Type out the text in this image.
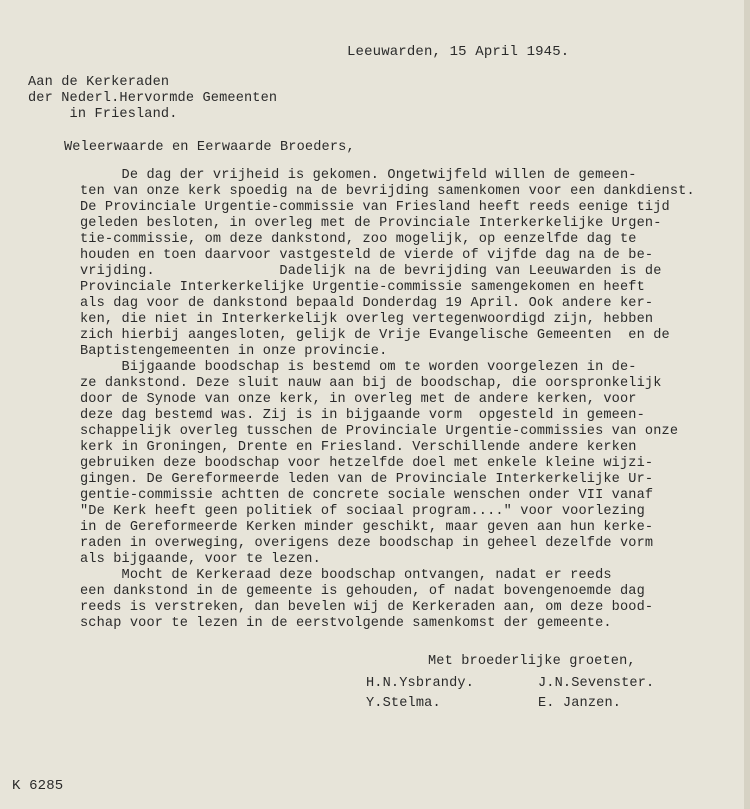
Leeuwarden, 15 April 1945.
Aan de Kerkeraden
der Nederl.Hervormde Gemeenten
in Friesland.
Weleerwaarde en Eerwaarde Broeders,
De dag der vrijheid is gekomen. Ongetwijfeld willen de gemeen-
ten van onze kerk spoedig na de bevrijding samenkomen voor een dankdienst.
De Provinciale Urgentie-commissie van Friesland heeft reeds eenige tijd
geleden besloten, in overleg met de Provinciale Interkerkelijke Urgen-
tie-commissie, om deze dankstond, zoo mogelijk, op eenzelfde dag te
houden en toen daarvoor vastgesteld de vierde of vijfde dag na de be-
vrijding.               Dadelijk na de bevrijding van Leeuwarden is de
Provinciale Interkerkelijke Urgentie-commissie samengekomen en heeft
als dag voor de dankstond bepaald Donderdag 19 April. Ook andere ker-
ken, die niet in Interkerkelijk overleg vertegenwoordigd zijn, hebben
zich hierbij aangesloten, gelijk de Vrije Evangelische Gemeenten  en de
Baptistengemeenten in onze provincie.
Bijgaande boodschap is bestemd om te worden voorgelezen in de-
ze dankstond. Deze sluit nauw aan bij de boodschap, die oorspronkelijk
door de Synode van onze kerk, in overleg met de andere kerken, voor
deze dag bestemd was. Zij is in bijgaande vorm  opgesteld in gemeen-
schappelijk overleg tusschen de Provinciale Urgentie-commissies van onze
kerk in Groningen, Drente en Friesland. Verschillende andere kerken
gebruiken deze boodschap voor hetzelfde doel met enkele kleine wijzi-
gingen. De Gereformeerde leden van de Provinciale Interkerkelijke Ur-
gentie-commissie achtten de concrete sociale wenschen onder VII vanaf
"De Kerk heeft geen politiek of sociaal program...." voor voorlezing
in de Gereformeerde Kerken minder geschikt, maar geven aan hun kerke-
raden in overweging, overigens deze boodschap in geheel dezelfde vorm
als bijgaande, voor te lezen.
Mocht de Kerkeraad deze boodschap ontvangen, nadat er reeds
een dankstond in de gemeente is gehouden, of nadat bovengenoemde dag
reeds is verstreken, dan bevelen wij de Kerkeraden aan, om deze bood-
schap voor te lezen in de eerstvolgende samenkomst der gemeente.
Met broederlijke groeten,
H.N.Ysbrandy.	J.N.Sevenster.
Y.Stelma.	E. Janzen.
K 6285
